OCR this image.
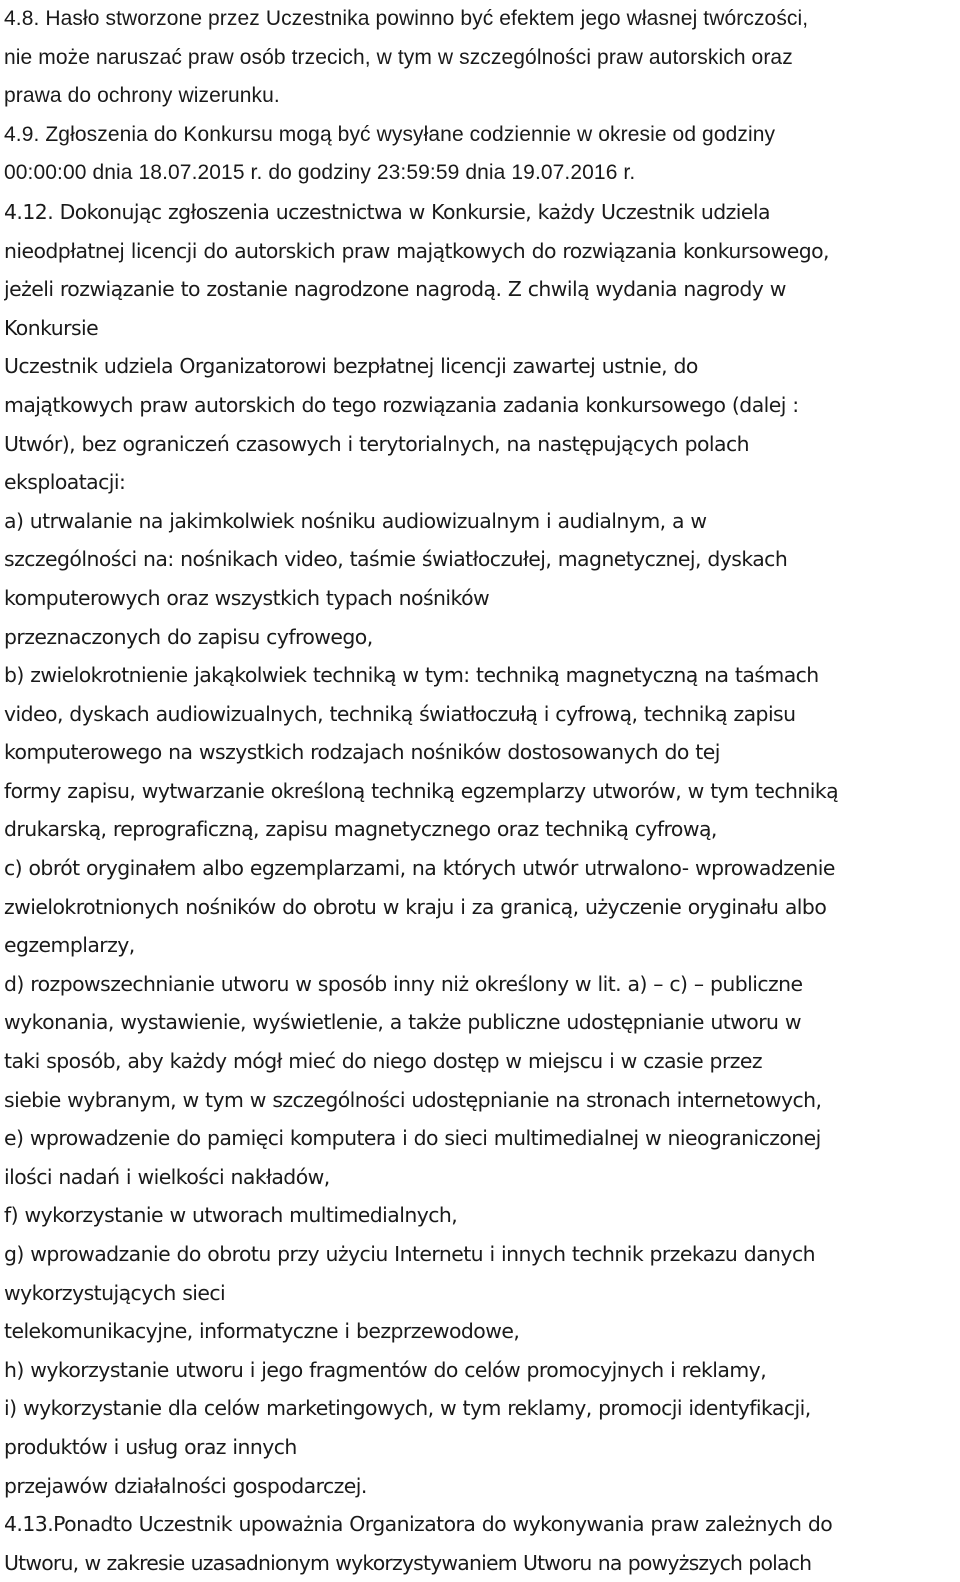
4.8. Hasło stworzone przez Uczestnika powinno być efektem jego własnej twórczości,
nie może naruszać praw osób trzecich, w tym w szczególności praw autorskich oraz
prawa do ochrony wizerunku.
4.9. Zgłoszenia do Konkursu mogą być wysyłane codziennie w okresie od godziny
00:00:00 dnia 18.07.2015 r. do godziny 23:59:59 dnia 19.07.2016 r.
4.12. Dokonując zgłoszenia uczestnictwa w Konkursie, każdy Uczestnik udziela
nieodpłatnej licencji do autorskich praw majątkowych do rozwiązania konkursowego,
jeżeli rozwiązanie to zostanie nagrodzone nagrodą. Z chwilą wydania nagrody w
Konkursie
Uczestnik udziela Organizatorowi bezpłatnej licencji zawartej ustnie, do
majątkowych praw autorskich do tego rozwiązania zadania konkursowego (dalej :
Utwór), bez ograniczeń czasowych i terytorialnych, na następujących polach
eksploatacji:
a) utrwalanie na jakimkolwiek nośniku audiowizualnym i audialnym, a w
szczególności na: nośnikach video, taśmie światłoczułej, magnetycznej, dyskach
komputerowych oraz wszystkich typach nośników
przeznaczonych do zapisu cyfrowego,
b) zwielokrotnienie jakąkolwiek techniką w tym: techniką magnetyczną na taśmach
video, dyskach audiowizualnych, techniką światłoczułą i cyfrową, techniką zapisu
komputerowego na wszystkich rodzajach nośników dostosowanych do tej
formy zapisu, wytwarzanie określoną techniką egzemplarzy utworów, w tym techniką
drukarską, reprograficzną, zapisu magnetycznego oraz techniką cyfrową,
c) obrót oryginałem albo egzemplarzami, na których utwór utrwalono- wprowadzenie
zwielokrotnionych nośników do obrotu w kraju i za granicą, użyczenie oryginału albo
egzemplarzy,
d) rozpowszechnianie utworu w sposób inny niż określony w lit. a) – c) – publiczne
wykonania, wystawienie, wyświetlenie, a także publiczne udostępnianie utworu w
taki sposób, aby każdy mógł mieć do niego dostęp w miejscu i w czasie przez
siebie wybranym, w tym w szczególności udostępnianie na stronach internetowych,
e) wprowadzenie do pamięci komputera i do sieci multimedialnej w nieograniczonej
ilości nadań i wielkości nakładów,
f) wykorzystanie w utworach multimedialnych,
g) wprowadzanie do obrotu przy użyciu Internetu i innych technik przekazu danych
wykorzystujących sieci
telekomunikacyjne, informatyczne i bezprzewodowe,
h) wykorzystanie utworu i jego fragmentów do celów promocyjnych i reklamy,
i) wykorzystanie dla celów marketingowych, w tym reklamy, promocji identyfikacji,
produktów i usług oraz innych
przejawów działalności gospodarczej.
4.13.Ponadto Uczestnik upoważnia Organizatora do wykonywania praw zależnych do
Utworu, w zakresie uzasadnionym wykorzystywaniem Utworu na powyższych polach
